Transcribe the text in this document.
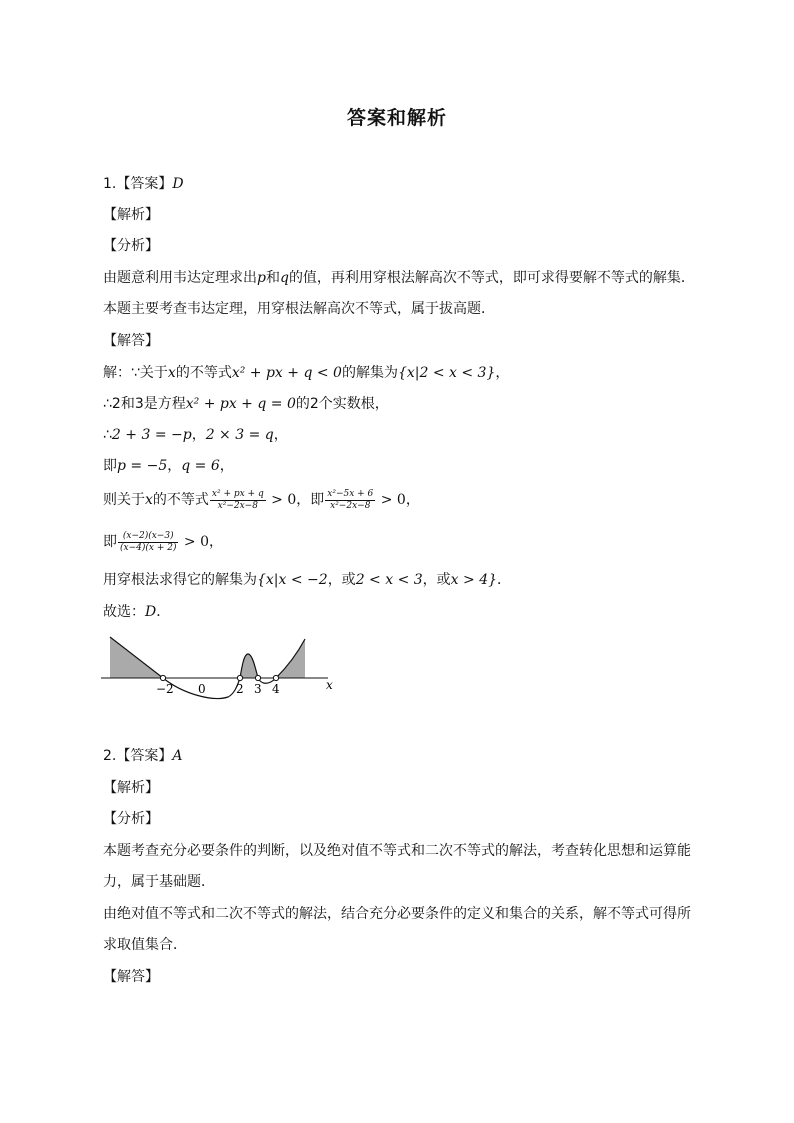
答案和解析
1.【答案】D
【解析】
【分析】
由题意利用韦达定理求出p和q的值，再利用穿根法解高次不等式，即可求得要解不等式的解集．
本题主要考查韦达定理，用穿根法解高次不等式，属于拔高题．
【解答】
解：∵关于x的不等式x² + px + q < 0的解集为{x|2 < x < 3}，
∴2和3是方程x² + px + q = 0的2个实数根，
∴2 + 3 = −p，2 × 3 = q，
即p = −5，q = 6，
则关于x的不等式 $\frac{\text{x² + px + q}}{\text{x²−2x−8}} > 0$，即 $\frac{\text{x²−5x + 6}}{\text{x²−2x−8}} > 0$，
即 $\frac{(x-2)(x-3)}{(x-4)(x + 2)} > 0$，
用穿根法求得它的解集为{x|x < −2，或2 < x < 3，或x > 4}．
故选：D．
−2 0	2 3 4	x
2.【答案】A
【解析】
【分析】
本题考查充分必要条件的判断，以及绝对值不等式和二次不等式的解法，考查转化思想和运算能
力，属于基础题．
由绝对值不等式和二次不等式的解法，结合充分必要条件的定义和集合的关系，解不等式可得所
求取值集合．
【解答】
